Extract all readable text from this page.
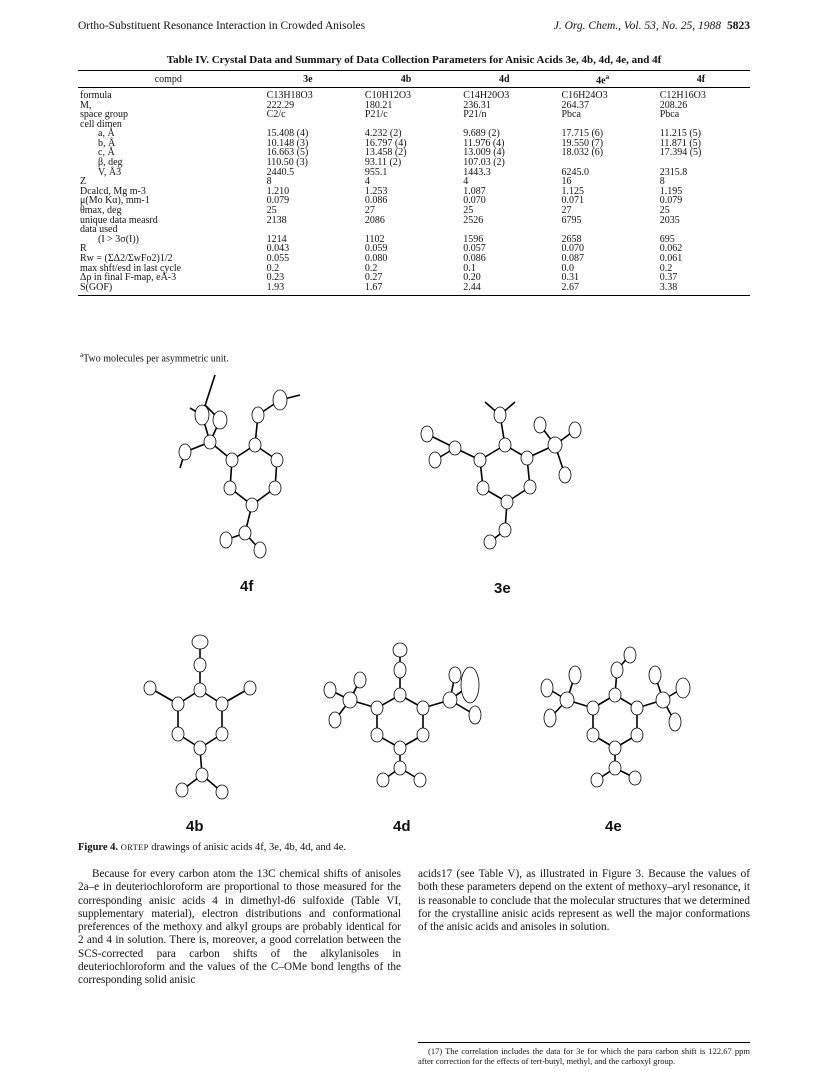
Ortho-Substituent Resonance Interaction in Crowded Anisoles	J. Org. Chem., Vol. 53, No. 25, 1988 5823
Table IV. Crystal Data and Summary of Data Collection Parameters for Anisic Acids 3e, 4b, 4d, 4e, and 4f
compd	3e	4b	4d	$4e^a$	4f
formula	C13H18O3	C10H12O3	C14H20O3	C16H24O3	C12H16O3
M,	222.29	180.21	236.31	264.37	208.26
space group	C2/c	P21/c	P21/n	Pbca	Pbca
cell dimen					
a, Å	15.408 (4)	4.232 (2)	9.689 (2)	17.715 (6)	11.215 (5)
b, Å	10.148 (3)	16.797 (4)	11.976 (4)	19.550 (7)	11.871 (5)
c, Å	16.663 (5)	13.458 (2)	13.009 (4)	18.032 (6)	17.394 (5)
β, deg	110.50 (3)	93.11 (2)	107.03 (2)		
V, Å3	2440.5	955.1	1443.3	6245.0	2315.8
Z	8	4	4	16	8
Dcalcd, Mg m-3	1.210	1.253	1.087	1.125	1.195
μ(Mo Kα), mm-1	0.079	0.086	0.070	0.071	0.079
θmax, deg	25	27	25	27	25
unique data measrd	2138	2086	2526	6795	2035
data used					
(I > 3σ(I))	1214	1102	1596	2658	695
R	0.043	0.059	0.057	0.070	0.062
Rw = (ΣΔ2/ΣwFo2)1/2	0.055	0.080	0.086	0.087	0.061
max shft/esd in last cycle	0.2	0.2	0.1	0.0	0.2
Δρ in final F-map, eÅ-3	0.23	0.27	0.20	0.31	0.37
S(GOF)	1.93	1.67	2.44	2.67	3.38
$^a$Two molecules per asymmetric unit.
4f	3e
4b	4d	4e
Figure 4. ORTEP drawings of anisic acids 4f, 3e, 4b, 4d, and 4e.

Because for every carbon atom the 13C chemical shifts of anisoles 2a–e in deuteriochloroform are proportional to those measured for the corresponding anisic acids 4 in dimethyl-d6 sulfoxide (Table VI, supplementary material), electron distributions and conformational preferences of the methoxy and alkyl groups are probably identical for 2 and 4 in solution. There is, moreover, a good correlation between the SCS-corrected para carbon shifts of the alkylanisoles in deuteriochloroform and the values of the C–OMe bond lengths of the corresponding solid anisic

acids17 (see Table V), as illustrated in Figure 3. Because the values of both these parameters depend on the extent of methoxy–aryl resonance, it is reasonable to conclude that the molecular structures that we determined for the crystalline anisic acids represent as well the major conformations of the anisic acids and anisoles in solution.

(17) The correlation includes the data for 3e for which the para carbon shift is 122.67 ppm after correction for the effects of tert-butyl, methyl, and the carboxyl group.
